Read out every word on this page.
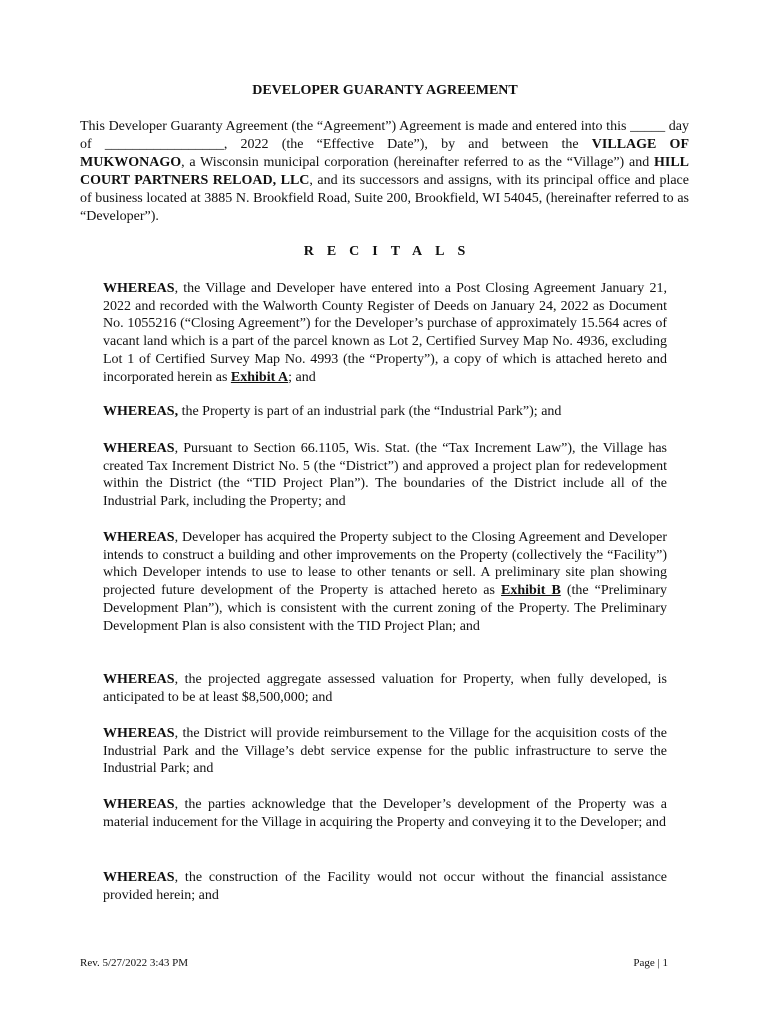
DEVELOPER GUARANTY AGREEMENT

This Developer Guaranty Agreement (the “Agreement”) Agreement is made and entered into this _____ day of _________________, 2022 (the “Effective Date”), by and between the VILLAGE OF MUKWONAGO, a Wisconsin municipal corporation (hereinafter referred to as the “Village”) and HILL COURT PARTNERS RELOAD, LLC, and its successors and assigns, with its principal office and place of business located at 3885 N. Brookfield Road, Suite 200, Brookfield, WI 54045, (hereinafter referred to as “Developer”).

RECITALS

WHEREAS, the Village and Developer have entered into a Post Closing Agreement January 21, 2022 and recorded with the Walworth County Register of Deeds on January 24, 2022 as Document No. 1055216 (“Closing Agreement”) for the Developer’s purchase of approximately 15.564 acres of vacant land which is a part of the parcel known as Lot 2, Certified Survey Map No. 4936, excluding Lot 1 of Certified Survey Map No. 4993 (the “Property”), a copy of which is attached hereto and incorporated herein as Exhibit A; and

WHEREAS, the Property is part of an industrial park (the “Industrial Park”); and

WHEREAS, Pursuant to Section 66.1105, Wis. Stat. (the “Tax Increment Law”), the Village has created Tax Increment District No. 5 (the “District”) and approved a project plan for redevelopment within the District (the “TID Project Plan”). The boundaries of the District include all of the Industrial Park, including the Property; and

WHEREAS, Developer has acquired the Property subject to the Closing Agreement and Developer intends to construct a building and other improvements on the Property (collectively the “Facility”) which Developer intends to use to lease to other tenants or sell. A preliminary site plan showing projected future development of the Property is attached hereto as Exhibit B (the “Preliminary Development Plan”), which is consistent with the current zoning of the Property. The Preliminary Development Plan is also consistent with the TID Project Plan; and

WHEREAS, the projected aggregate assessed valuation for Property, when fully developed, is anticipated to be at least $8,500,000; and

WHEREAS, the District will provide reimbursement to the Village for the acquisition costs of the Industrial Park and the Village’s debt service expense for the public infrastructure to serve the Industrial Park; and

WHEREAS, the parties acknowledge that the Developer’s development of the Property was a material inducement for the Village in acquiring the Property and conveying it to the Developer; and

WHEREAS, the construction of the Facility would not occur without the financial assistance provided herein; and

Rev. 5/27/2022 3:43 PM	Page | 1
